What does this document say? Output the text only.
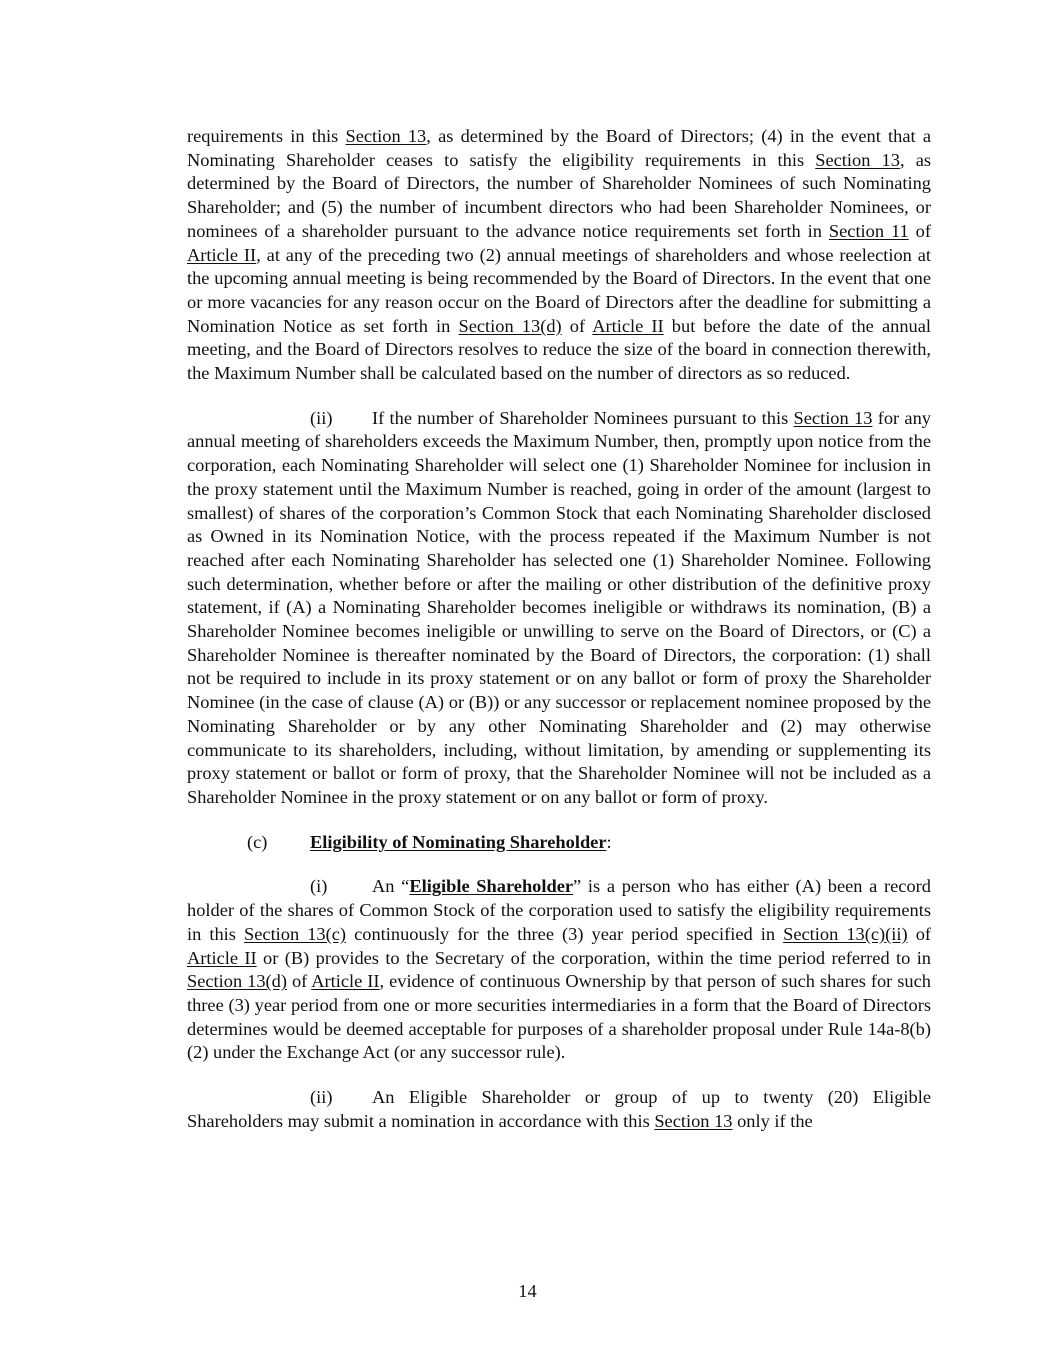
requirements in this Section 13, as determined by the Board of Directors; (4) in the event that a Nominating Shareholder ceases to satisfy the eligibility requirements in this Section 13, as determined by the Board of Directors, the number of Shareholder Nominees of such Nominating Shareholder; and (5) the number of incumbent directors who had been Shareholder Nominees, or nominees of a shareholder pursuant to the advance notice requirements set forth in Section 11 of Article II, at any of the preceding two (2) annual meetings of shareholders and whose reelection at the upcoming annual meeting is being recommended by the Board of Directors. In the event that one or more vacancies for any reason occur on the Board of Directors after the deadline for submitting a Nomination Notice as set forth in Section 13(d) of Article II but before the date of the annual meeting, and the Board of Directors resolves to reduce the size of the board in connection therewith, the Maximum Number shall be calculated based on the number of directors as so reduced.

(ii) If the number of Shareholder Nominees pursuant to this Section 13 for any annual meeting of shareholders exceeds the Maximum Number, then, promptly upon notice from the corporation, each Nominating Shareholder will select one (1) Shareholder Nominee for inclusion in the proxy statement until the Maximum Number is reached, going in order of the amount (largest to smallest) of shares of the corporation’s Common Stock that each Nominating Shareholder disclosed as Owned in its Nomination Notice, with the process repeated if the Maximum Number is not reached after each Nominating Shareholder has selected one (1) Shareholder Nominee. Following such determination, whether before or after the mailing or other distribution of the definitive proxy statement, if (A) a Nominating Shareholder becomes ineligible or withdraws its nomination, (B) a Shareholder Nominee becomes ineligible or unwilling to serve on the Board of Directors, or (C) a Shareholder Nominee is thereafter nominated by the Board of Directors, the corporation: (1) shall not be required to include in its proxy statement or on any ballot or form of proxy the Shareholder Nominee (in the case of clause (A) or (B)) or any successor or replacement nominee proposed by the Nominating Shareholder or by any other Nominating Shareholder and (2) may otherwise communicate to its shareholders, including, without limitation, by amending or supplementing its proxy statement or ballot or form of proxy, that the Shareholder Nominee will not be included as a Shareholder Nominee in the proxy statement or on any ballot or form of proxy.

(c) Eligibility of Nominating Shareholder:

(i) An “Eligible Shareholder” is a person who has either (A) been a record holder of the shares of Common Stock of the corporation used to satisfy the eligibility requirements in this Section 13(c) continuously for the three (3) year period specified in Section 13(c)(ii) of Article II or (B) provides to the Secretary of the corporation, within the time period referred to in Section 13(d) of Article II, evidence of continuous Ownership by that person of such shares for such three (3) year period from one or more securities intermediaries in a form that the Board of Directors determines would be deemed acceptable for purposes of a shareholder proposal under Rule 14a-8(b)(2) under the Exchange Act (or any successor rule).

(ii) An Eligible Shareholder or group of up to twenty (20) Eligible Shareholders may submit a nomination in accordance with this Section 13 only if the

14
